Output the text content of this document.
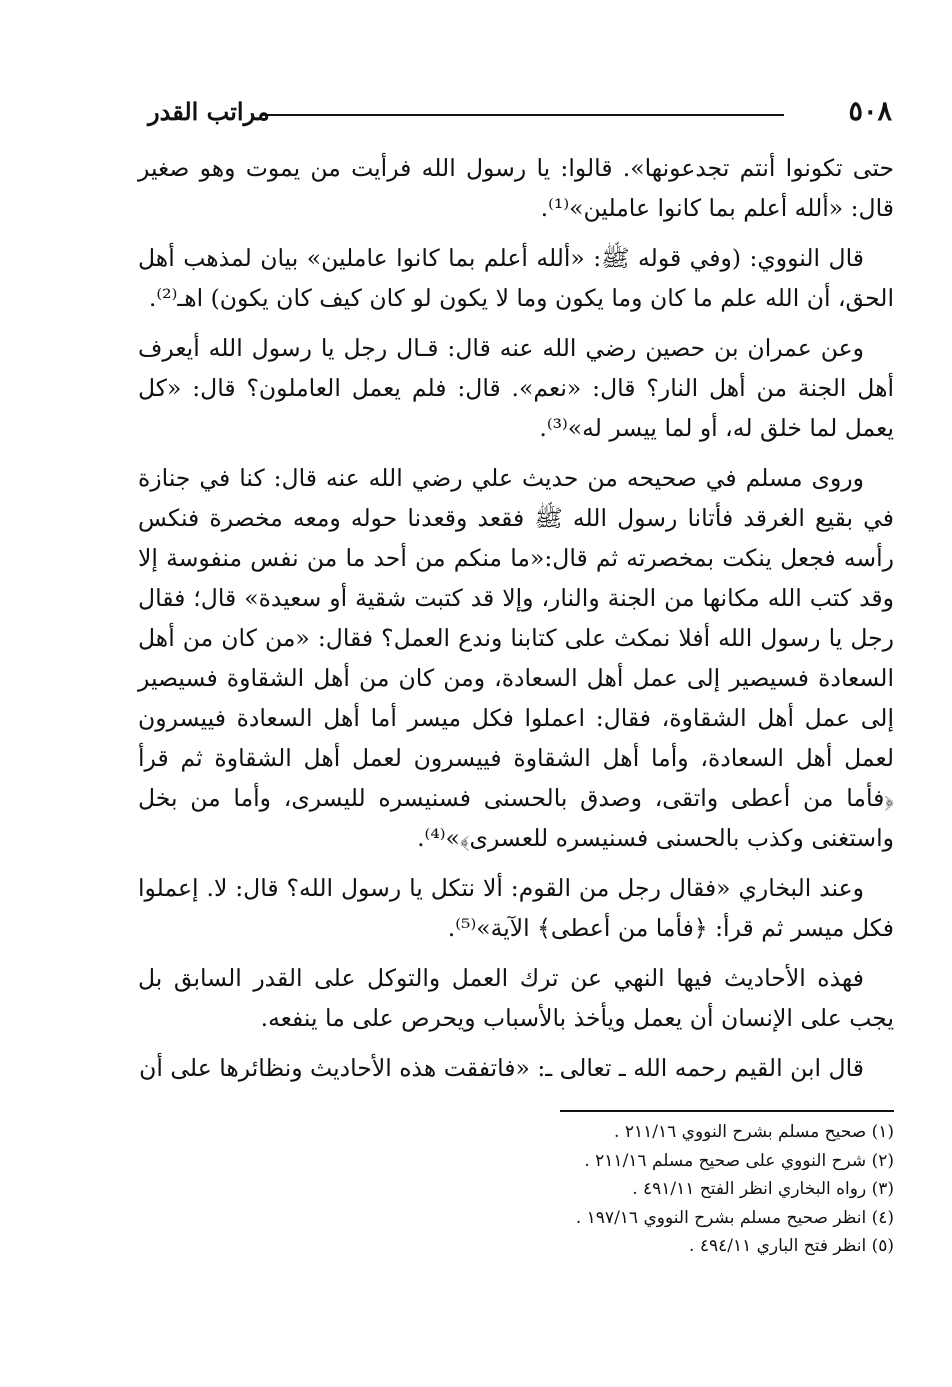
٥٠٨
مراتب القدر

حتى تكونوا أنتم تجدعونها». قالوا: يا رسول الله فرأيت من يموت وهو صغير قال: «ألله أعلم بما كانوا عاملين»⁽¹⁾.

قال النووي: (وفي قوله ﷺ: «ألله أعلم بما كانوا عاملين» بيان لمذهب أهل الحق، أن الله علم ما كان وما يكون وما لا يكون لو كان كيف كان يكون) اهـ⁽²⁾.

وعن عمران بن حصين رضي الله عنه قال: قـال رجل يا رسول الله أيعرف أهل الجنة من أهل النار؟ قال: «نعم». قال: فلم يعمل العاملون؟ قال: «كل يعمل لما خلق له، أو لما ييسر له»⁽³⁾.

وروى مسلم في صحيحه من حديث علي رضي الله عنه قال: كنا في جنازة في بقيع الغرقد فأتانا رسول الله ﷺ فقعد وقعدنا حوله ومعه مخصرة فنكس رأسه فجعل ينكت بمخصرته ثم قال:«ما منكم من أحد ما من نفس منفوسة إلا وقد كتب الله مكانها من الجنة والنار، وإلا قد كتبت شقية أو سعيدة» قال؛ فقال رجل يا رسول الله أفلا نمكث على كتابنا وندع العمل؟ فقال: «من كان من أهل السعادة فسيصير إلى عمل أهل السعادة، ومن كان من أهل الشقاوة فسيصير إلى عمل أهل الشقاوة، فقال: اعملوا فكل ميسر أما أهل السعادة فييسرون لعمل أهل السعادة، وأما أهل الشقاوة فييسرون لعمل أهل الشقاوة ثم قرأ ﴿فأما من أعطى واتقى، وصدق بالحسنى فسنيسره لليسرى، وأما من بخل واستغنى وكذب بالحسنى فسنيسره للعسرى﴾»⁽⁴⁾.

وعند البخاري «فقال رجل من القوم: ألا نتكل يا رسول الله؟ قال: لا. إعملوا فكل ميسر ثم قرأ: ﴿فأما من أعطى﴾ الآية»⁽⁵⁾.

فهذه الأحاديث فيها النهي عن ترك العمل والتوكل على القدر السابق بل يجب على الإنسان أن يعمل ويأخذ بالأسباب ويحرص على ما ينفعه.

قال ابن القيم رحمه الله ـ تعالى ـ: «فاتفقت هذه الأحاديث ونظائرها على أن

(١) صحيح مسلم بشرح النووي ٢١١/١٦ .

(٢) شرح النووي على صحيح مسلم ٢١١/١٦ .

(٣) رواه البخاري انظر الفتح ٤٩١/١١ .

(٤) انظر صحيح مسلم بشرح النووي ١٩٧/١٦ .

(٥) انظر فتح الباري ٤٩٤/١١ .
